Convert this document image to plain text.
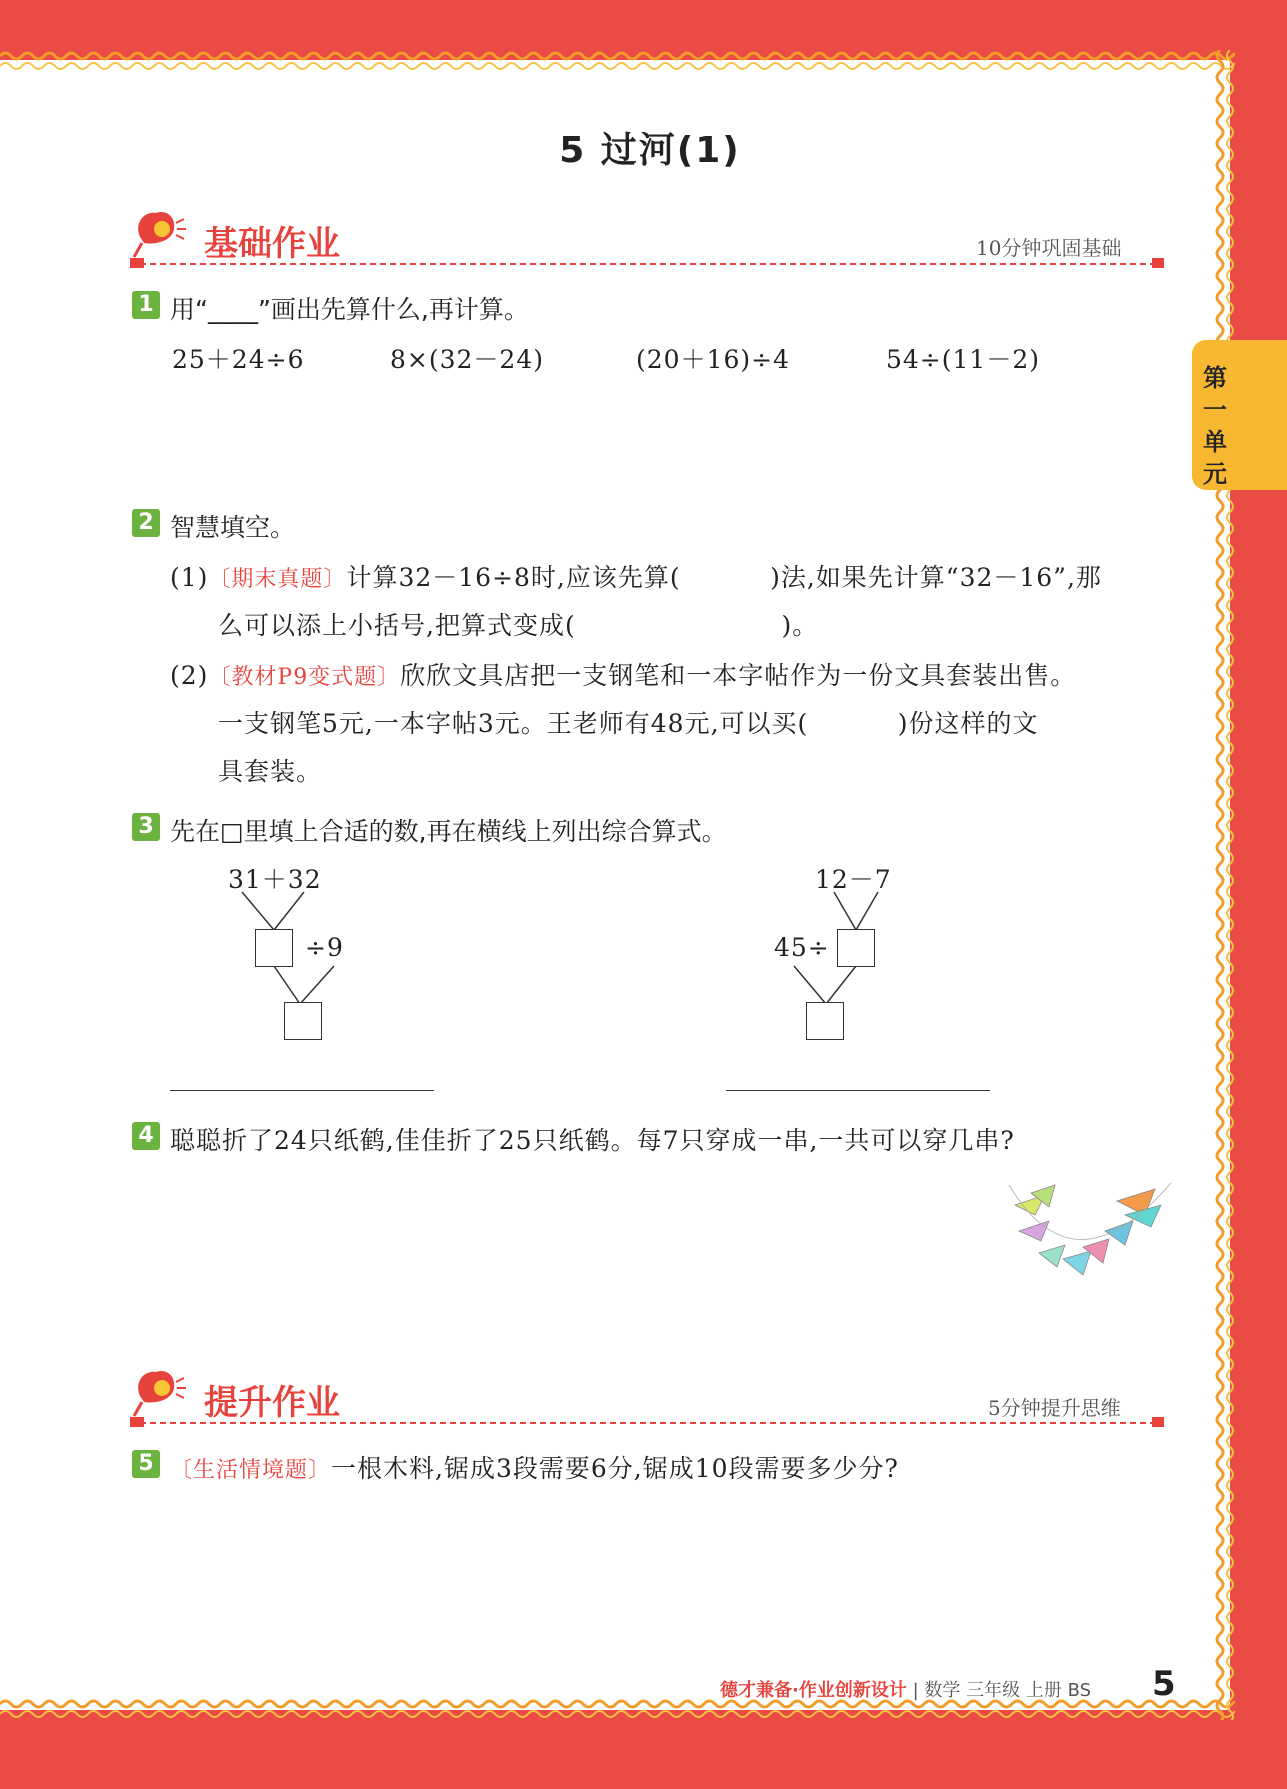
第一单元
5 过河(1)
基础作业	10分钟巩固基础
1 用“____”画出先算什么,再计算。
25＋24÷6	8×(32－24)	(20＋16)÷4	54÷(11－2)
2 智慧填空。
(1)〔期末真题〕计算32－16÷8时,应该先算(          )法,如果先计算“32－16”,那
么可以添上小括号,把算式变成(                       )。
(2)〔教材P9变式题〕欣欣文具店把一支钢笔和一本字帖作为一份文具套装出售。
一支钢笔5元,一本字帖3元。王老师有48元,可以买(          )份这样的文
具套装。
3 先在□里填上合适的数,再在横线上列出综合算式。
31＋32
÷9
12－7
45÷
4 聪聪折了24只纸鹤,佳佳折了25只纸鹤。每7只穿成一串,一共可以穿几串?
提升作业	5分钟提升思维
5 〔生活情境题〕一根木料,锯成3段需要6分,锯成10段需要多少分?
德才兼备·作业创新设计 | 数学 三年级 上册 BS 5
